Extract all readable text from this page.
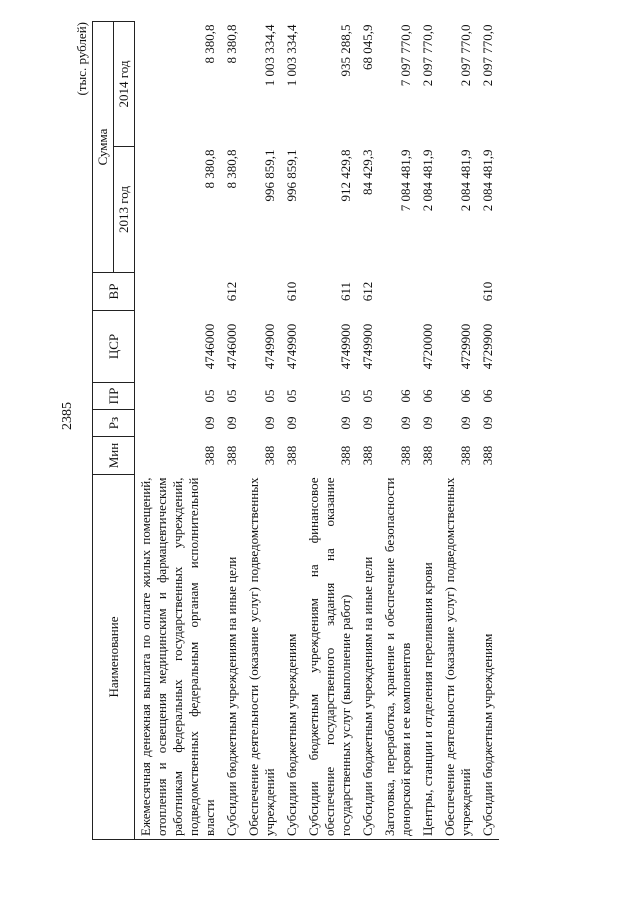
2385
(тыс. рублей)
Наименование	Мин	Рз	ПР	ЦСР	ВР	Сумма	
						2013 год	2014 год
Ежемесячная денежная выплата по оплате жилых помещений, отопления и освещения медицинским и фармацевтическим работникам федеральных государственных учреждений, подведомственных федеральным органам исполнительной власти	388	09	05	4746000		8 380,8	8 380,8
Субсидии бюджетным учреждениям на иные цели	388	09	05	4746000	612	8 380,8	8 380,8
Обеспечение деятельности (оказание услуг) подведомственных учреждений	388	09	05	4749900		996 859,1	1 003 334,4
Субсидии бюджетным учреждениям	388	09	05	4749900	610	996 859,1	1 003 334,4
Субсидии бюджетным учреждениям на финансовое обеспечение государственного задания на оказание государственных услуг (выполнение работ)	388	09	05	4749900	611	912 429,8	935 288,5
Субсидии бюджетным учреждениям на иные цели	388	09	05	4749900	612	84 429,3	68 045,9
Заготовка, переработка, хранение и обеспечение безопасности донорской крови и ее компонентов	388	09	06			7 084 481,9	7 097 770,0
Центры, станции и отделения переливания крови	388	09	06	4720000		2 084 481,9	2 097 770,0
Обеспечение деятельности (оказание услуг) подведомственных учреждений	388	09	06	4729900		2 084 481,9	2 097 770,0
Субсидии бюджетным учреждениям	388	09	06	4729900	610	2 084 481,9	2 097 770,0
